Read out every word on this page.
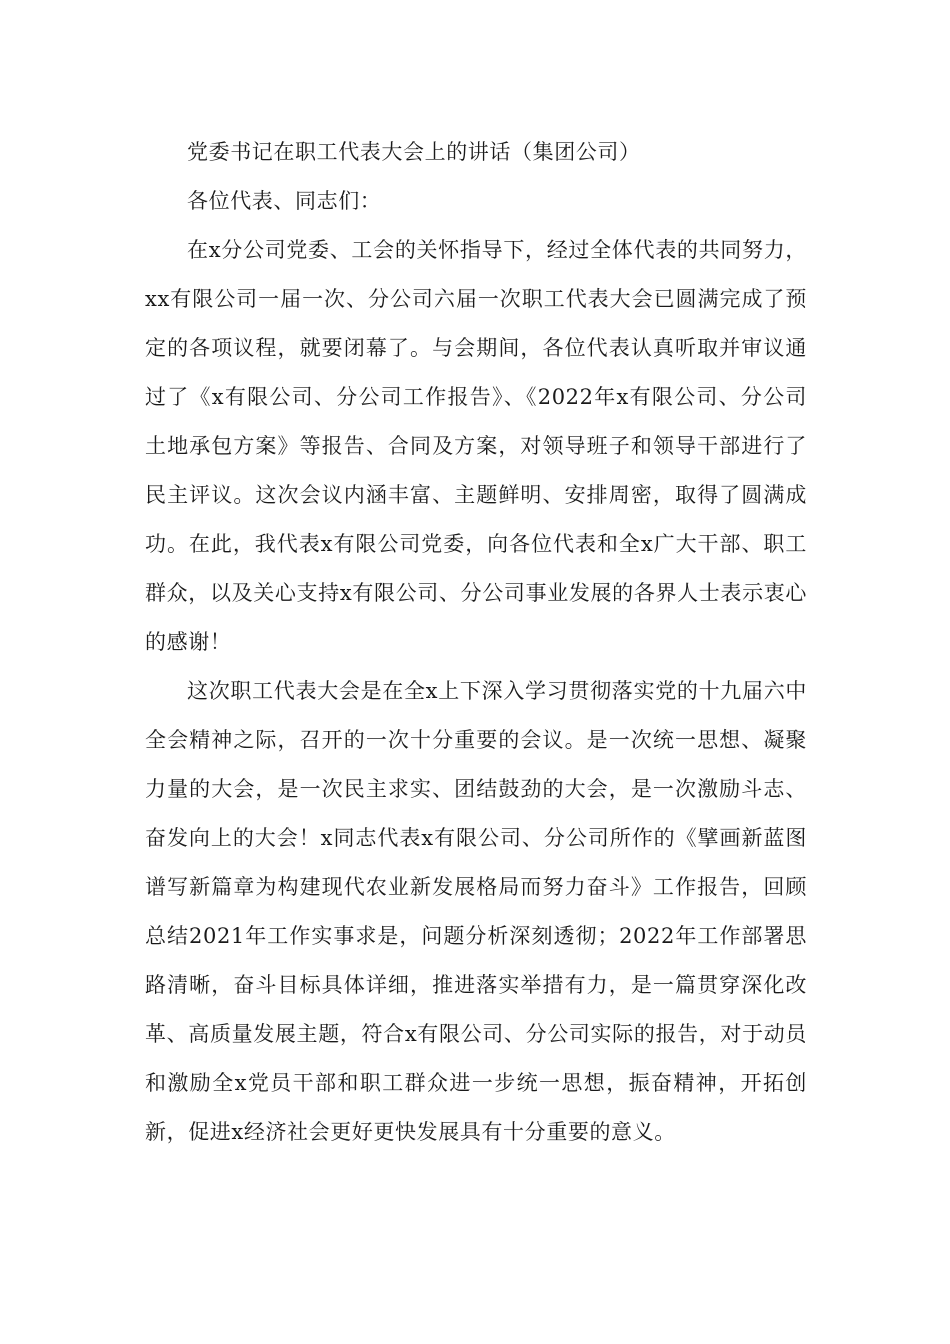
党委书记在职工代表大会上的讲话（集团公司）

各位代表、同志们：

在x分公司党委、工会的关怀指导下，经过全体代表的共同努力，xx有限公司一届一次、分公司六届一次职工代表大会已圆满完成了预定的各项议程，就要闭幕了。与会期间，各位代表认真听取并审议通过了《x有限公司、分公司工作报告》、《2022年x有限公司、分公司土地承包方案》等报告、合同及方案，对领导班子和领导干部进行了民主评议。这次会议内涵丰富、主题鲜明、安排周密，取得了圆满成功。在此，我代表x有限公司党委，向各位代表和全x广大干部、职工群众，以及关心支持x有限公司、分公司事业发展的各界人士表示衷心的感谢！

这次职工代表大会是在全x上下深入学习贯彻落实党的十九届六中全会精神之际，召开的一次十分重要的会议。是一次统一思想、凝聚力量的大会，是一次民主求实、团结鼓劲的大会，是一次激励斗志、奋发向上的大会！x同志代表x有限公司、分公司所作的《擘画新蓝图谱写新篇章为构建现代农业新发展格局而努力奋斗》工作报告，回顾总结2021年工作实事求是，问题分析深刻透彻；2022年工作部署思路清晰，奋斗目标具体详细，推进落实举措有力，是一篇贯穿深化改革、高质量发展主题，符合x有限公司、分公司实际的报告，对于动员和激励全x党员干部和职工群众进一步统一思想，振奋精神，开拓创新，促进x经济社会更好更快发展具有十分重要的意义。
